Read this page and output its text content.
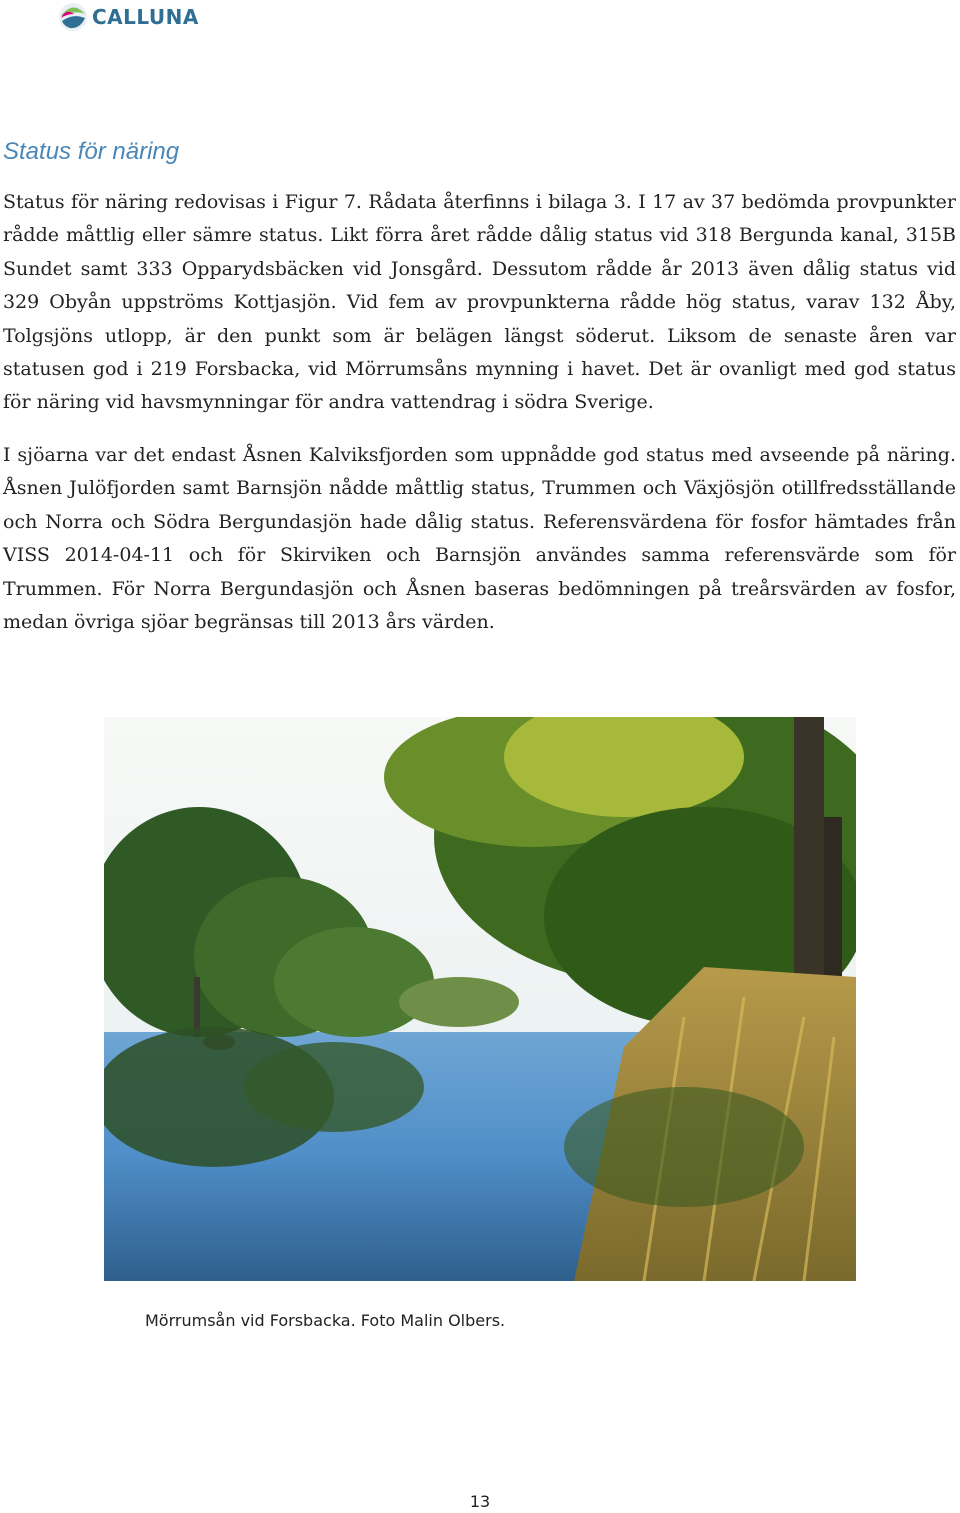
CALLUNA
Status för näring

Status för näring redovisas i Figur 7. Rådata återfinns i bilaga 3. I 17 av 37 bedömda provpunkter rådde måttlig eller sämre status. Likt förra året rådde dålig status vid 318 Bergunda kanal, 315B Sundet samt 333 Opparydsbäcken vid Jonsgård. Dessutom rådde år 2013 även dålig status vid 329 Obyån uppströms Kottjasjön. Vid fem av provpunkterna rådde hög status, varav 132 Åby, Tolgsjöns utlopp, är den punkt som är belägen längst söderut. Liksom de senaste åren var statusen god i 219 Forsbacka, vid Mörrumsåns mynning i havet. Det är ovanligt med god status för näring vid havsmynningar för andra vattendrag i södra Sverige.

I sjöarna var det endast Åsnen Kalviksfjorden som uppnådde god status med avseende på näring. Åsnen Julöfjorden samt Barnsjön nådde måttlig status, Trummen och Växjösjön otillfredsställande och Norra och Södra Bergundasjön hade dålig status. Referensvärdena för fosfor hämtades från VISS 2014-04-11 och för Skirviken och Barnsjön användes samma referensvärde som för Trummen. För Norra Bergundasjön och Åsnen baseras bedömningen på treårsvärden av fosfor, medan övriga sjöar begränsas till 2013 års värden.

Mörrumsån vid Forsbacka. Foto Malin Olbers.

13
